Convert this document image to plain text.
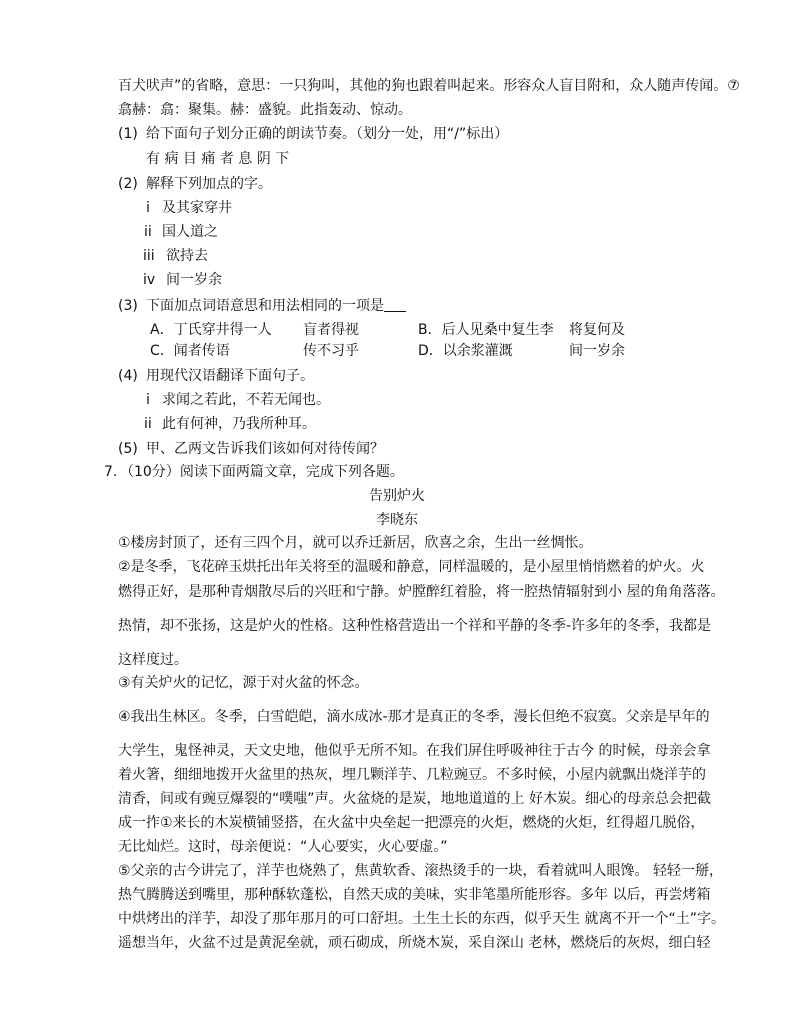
百犬吠声”的省略，意思：一只狗叫，其他的狗也跟着叫起来。形容众人盲目附和，众人随声传闻。⑦
翕赫：翕：聚集。赫：盛貌。此指轰动、惊动。
(1) 给下面句子划分正确的朗读节奏。（划分一处，用“/”标出）
有 病 目 痛 者 息 阴 下
(2) 解释下列加点的字。
i 及其家穿井
ii 国人道之
iii 欲持去
iv 间一岁余
(3) 下面加点词语意思和用法相同的一项是
A．丁氏穿井得一人 盲者得视	B．后人见桑中复生李 将复何及
C．闻者传语	传不习乎	D．以余浆灌溉	间一岁余
(4) 用现代汉语翻译下面句子。
i 求闻之若此，不若无闻也。
ii 此有何神，乃我所种耳。
(5) 甲、乙两文告诉我们该如何对待传闻？
7. （10分）阅读下面两篇文章，完成下列各题。
告别炉火
李晓东
①楼房封顶了，还有三四个月，就可以乔迁新居，欣喜之余，生出一丝惆怅。
②是冬季，飞花碎玉烘托出年关将至的温暖和静意，同样温暖的，是小屋里悄悄燃着的炉火。火
燃得正好，是那种青烟散尽后的兴旺和宁静。炉膛醉红着脸，将一腔热情辐射到小 屋的角角落落。
热情，却不张扬，这是炉火的性格。这种性格营造出一个祥和平静的冬季-许多年的冬季，我都是
这样度过。
③有关炉火的记忆，源于对火盆的怀念。
④我出生林区。冬季，白雪皑皑，滴水成冰-那才是真正的冬季，漫长但绝不寂寞。父亲是早年的
大学生，鬼怪神灵，天文史地，他似乎无所不知。在我们屏住呼吸神往于古今 的时候，母亲会拿
着火箸，细细地拨开火盆里的热灰，埋几颗洋芋、几粒豌豆。不多时候，小屋内就飘出烧洋芋的
清香，间或有豌豆爆裂的“噗嗤”声。火盆烧的是炭，地地道道的上 好木炭。细心的母亲总会把截
成一拃①来长的木炭横铺竖搭，在火盆中央垒起一把漂亮的火炬，燃烧的火炬，红得超几脱俗，
无比灿烂。这时，母亲便说：“人心要实，火心要虚。”
⑤父亲的古今讲完了，洋芋也烧熟了，焦黄软香、滚热烫手的一块，看着就叫人眼馋。 轻轻一掰，
热气腾腾送到嘴里，那种酥软蓬松，自然天成的美味，实非笔墨所能形容。多年 以后，再尝烤箱
中烘烤出的洋芋，却没了那年那月的可口舒坦。土生土长的东西，似乎天生 就离不开一个“土”字。
遥想当年，火盆不过是黄泥垒就，顽石砌成，所烧木炭，采自深山 老林，燃烧后的灰烬，细白轻
